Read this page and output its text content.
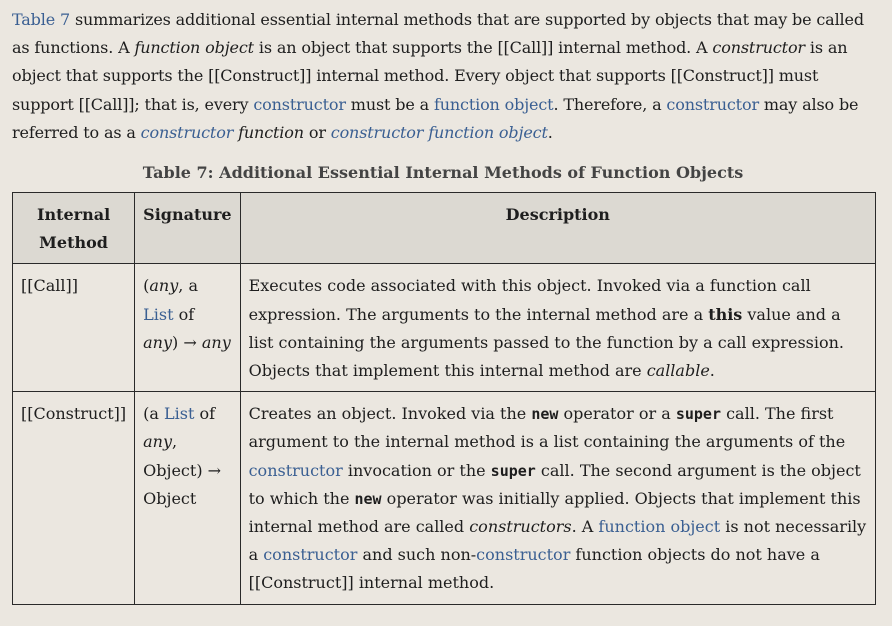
Table 7 summarizes additional essential internal methods that are supported by objects that may be called as functions. A function object is an object that supports the [[Call]] internal method. A constructor is an object that supports the [[Construct]] internal method. Every object that supports [[Construct]] must support [[Call]]; that is, every constructor must be a function object. Therefore, a constructor may also be referred to as a constructor function or constructor function object.

Table 7: Additional Essential Internal Methods of Function Objects
Internal Method	Signature	Description
[[Call]]	(any, a List of any) → any	Executes code associated with this object. Invoked via a function call expression. The arguments to the internal method are a this value and a list containing the arguments passed to the function by a call expression. Objects that implement this internal method are callable.
[[Construct]]	(a List of any, Object) → Object	Creates an object. Invoked via the new operator or a super call. The first argument to the internal method is a list containing the arguments of the constructor invocation or the super call. The second argument is the object to which the new operator was initially applied. Objects that implement this internal method are called constructors. A function object is not necessarily a constructor and such non-constructor function objects do not have a [[Construct]] internal method.
